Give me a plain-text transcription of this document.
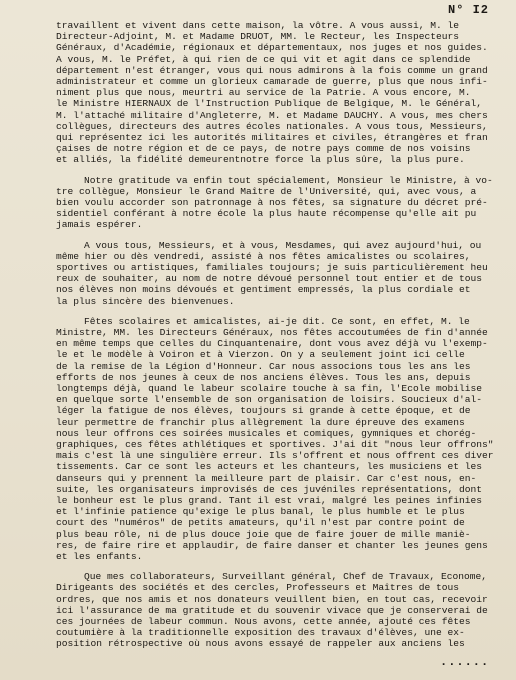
N° I2
travaillent et vivent dans cette maison, la vôtre. A vous aussi, M. le
Directeur-Adjoint, M. et Madame DRUOT, MM. le Recteur, les Inspecteurs
Généraux, d'Académie, régionaux et départementaux, nos juges et nos guides.
A vous, M. le Préfet, à qui rien de ce qui vit et agit dans ce splendide
département n'est étranger, vous qui nous admirons à la fois comme un grand
administrateur et comme un glorieux camarade de guerre, plus que nous infi-
niment plus que nous, meurtri au service de la Patrie. A vous encore, M.
le Ministre HIERNAUX de l'Instruction Publique de Belgique, M. le Général,
M. l'attaché militaire d'Angleterre, M. et Madame DAUCHY. A vous, mes chers
collègues, directeurs des autres écoles nationales. A vous tous, Messieurs,
qui représentez ici les autorités militaires et civiles, étrangères et fran
çaises de notre région et de ce pays, de notre pays comme de nos voisins
et alliés, la fidélité demeurentnotre force la plus sûre, la plus pure.
Notre gratitude va enfin tout spécialement, Monsieur le Ministre, à vo-
tre collègue, Monsieur le Grand Maître de l'Université, qui, avec vous, a
bien voulu accorder son patronnage à nos fêtes, sa signature du décret pré-
sidentiel conférant à notre école la plus haute récompense qu'elle ait pu
jamais espérer.
A vous tous, Messieurs, et à vous, Mesdames, qui avez aujourd'hui, ou
même hier ou dès vendredi, assisté à nos fêtes amicalistes ou scolaires,
sportives ou artistiques, familiales toujours; je suis particulièrement heu
reux de souhaiter, au nom de notre dévoué personnel tout entier et de tous
nos élèves non moins dévoués et gentiment empressés, la plus cordiale et
la plus sincère des bienvenues.
Fêtes scolaires et amicalistes, ai-je dit. Ce sont, en effet, M. le
Ministre, MM. les Directeurs Généraux, nos fêtes accoutumées de fin d'année
en même temps que celles du Cinquantenaire, dont vous avez déjà vu l'exemp-
le et le modèle à Voiron et à Vierzon. On y a seulement joint ici celle
de la remise de la Légion d'Honneur. Car nous associons tous les ans les
efforts de nos jeunes à ceux de nos anciens élèves. Tous les ans, depuis
longtemps déjà, quand le labeur scolaire touche à sa fin, l'Ecole mobilise
en quelque sorte l'ensemble de son organisation de loisirs. Soucieux d'al-
léger la fatigue de nos élèves, toujours si grande à cette époque, et de
leur permettre de franchir plus allègrement la dure épreuve des examens
nous leur offrons ces soirées musicales et comiques, gymniques et chorég-
graphiques, ces fêtes athlétiques et sportives. J'ai dit "nous leur offrons"
mais c'est là une singulière erreur. Ils s'offrent et nous offrent ces diver
tissements. Car ce sont les acteurs et les chanteurs, les musiciens et les
danseurs qui y prennent la meilleure part de plaisir. Car c'est nous, en-
suite, les organisateurs improvisés de ces juvéniles représentations, dont
le bonheur est le plus grand. Tant il est vrai, malgré les peines infinies
et l'infinie patience qu'exige le plus banal, le plus humble et le plus
court des "numéros" de petits amateurs, qu'il n'est par contre point de
plus beau rôle, ni de plus douce joie que de faire jouer de mille maniè-
res, de faire rire et applaudir, de faire danser et chanter les jeunes gens
et les enfants.
Que mes collaborateurs, Surveillant général, Chef de Travaux, Econome,
Dirigeants des sociétés et des cercles, Professeurs et Maîtres de tous
ordres, que nos amis et nos donateurs veuillent bien, en tout cas, recevoir
ici l'assurance de ma gratitude et du souvenir vivace que je conserverai de
ces journées de labeur commun. Nous avons, cette année, ajouté ces fêtes
coutumière à la traditionnelle exposition des travaux d'élèves, une ex-
position rétrospective où nous avons essayé de rappeler aux anciens les
......
